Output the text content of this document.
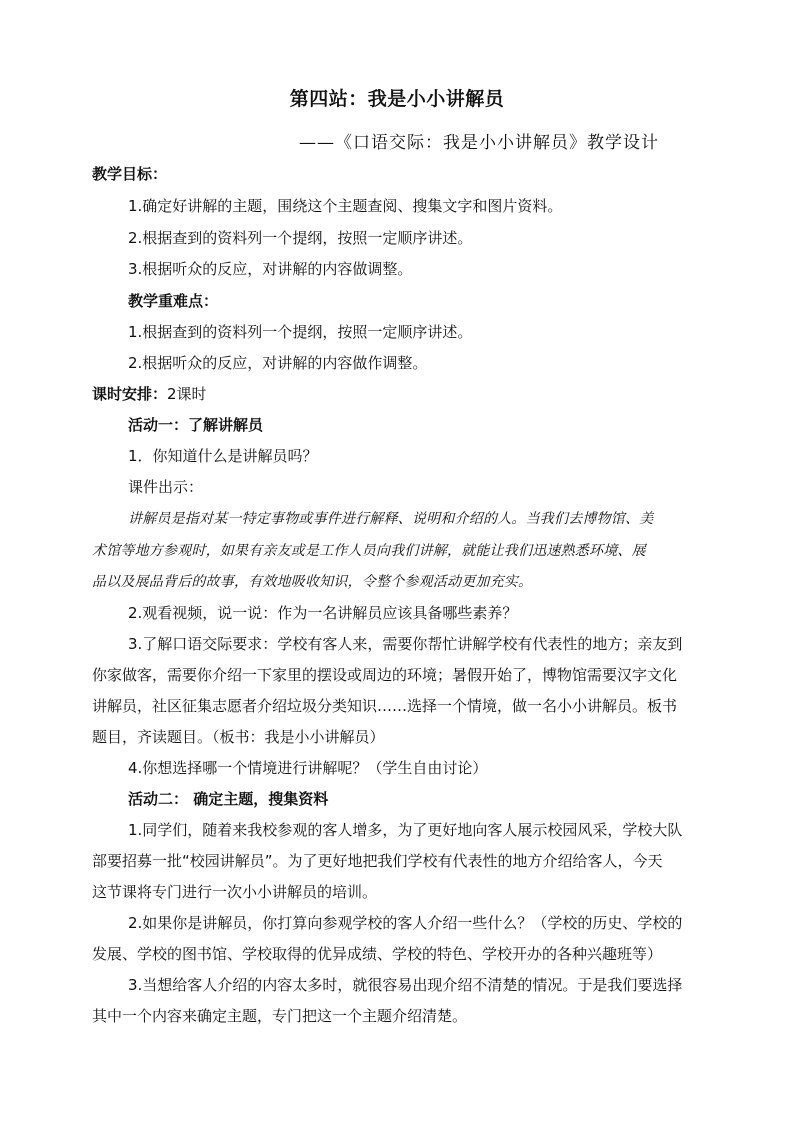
第四站：我是小小讲解员
——《口语交际：我是小小讲解员》教学设计
教学目标：
1.确定好讲解的主题，围绕这个主题查阅、搜集文字和图片资料。
2.根据查到的资料列一个提纲，按照一定顺序讲述。
3.根据听众的反应，对讲解的内容做调整。
教学重难点：
1.根据查到的资料列一个提纲，按照一定顺序讲述。
2.根据听众的反应，对讲解的内容做作调整。
课时安排：2课时
活动一：了解讲解员
1．你知道什么是讲解员吗？
课件出示：
讲解员是指对某一特定事物或事件进行解释、说明和介绍的人。当我们去博物馆、美
术馆等地方参观时，如果有亲友或是工作人员向我们讲解，就能让我们迅速熟悉环境、展
品以及展品背后的故事，有效地吸收知识，令整个参观活动更加充实。
2.观看视频，说一说：作为一名讲解员应该具备哪些素养？
3.了解口语交际要求：学校有客人来，需要你帮忙讲解学校有代表性的地方；亲友到
你家做客，需要你介绍一下家里的摆设或周边的环境；暑假开始了，博物馆需要汉字文化
讲解员，社区征集志愿者介绍垃圾分类知识……选择一个情境，做一名小小讲解员。板书
题目，齐读题目。（板书：我是小小讲解员）
4.你想选择哪一个情境进行讲解呢？（学生自由讨论）
活动二： 确定主题，搜集资料
1.同学们，随着来我校参观的客人增多，为了更好地向客人展示校园风采，学校大队
部要招募一批“校园讲解员”。为了更好地把我们学校有代表性的地方介绍给客人，今天
这节课将专门进行一次小小讲解员的培训。
2.如果你是讲解员，你打算向参观学校的客人介绍一些什么？（学校的历史、学校的
发展、学校的图书馆、学校取得的优异成绩、学校的特色、学校开办的各种兴趣班等）
3.当想给客人介绍的内容太多时，就很容易出现介绍不清楚的情况。于是我们要选择
其中一个内容来确定主题，专门把这一个主题介绍清楚。
